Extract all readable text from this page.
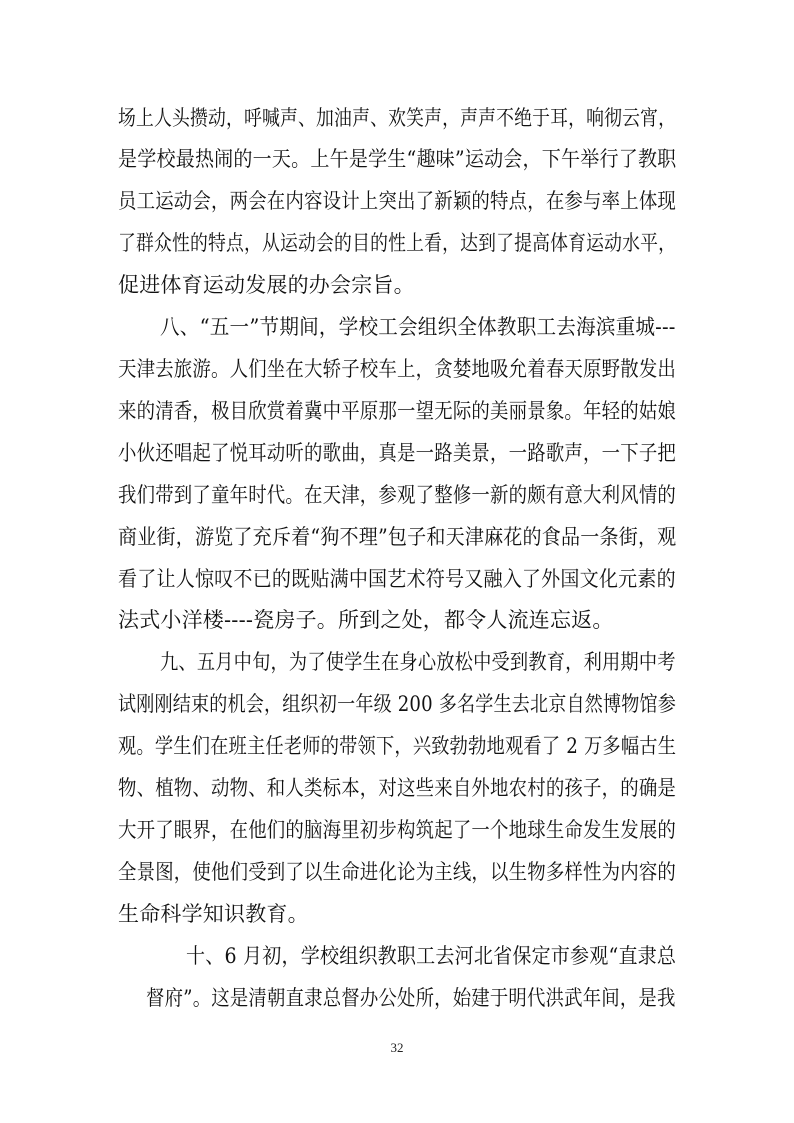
场上人头攒动，呼喊声、加油声、欢笑声，声声不绝于耳，响彻云宵，
是学校最热闹的一天。上午是学生“趣味”运动会，下午举行了教职
员工运动会，两会在内容设计上突出了新颖的特点，在参与率上体现
了群众性的特点，从运动会的目的性上看，达到了提高体育运动水平，
促进体育运动发展的办会宗旨。
八、“五一”节期间，学校工会组织全体教职工去海滨重城---
天津去旅游。人们坐在大轿子校车上，贪婪地吸允着春天原野散发出
来的清香，极目欣赏着冀中平原那一望无际的美丽景象。年轻的姑娘
小伙还唱起了悦耳动听的歌曲，真是一路美景，一路歌声，一下子把
我们带到了童年时代。在天津，参观了整修一新的颇有意大利风情的
商业街，游览了充斥着“狗不理”包子和天津麻花的食品一条街，观
看了让人惊叹不已的既贴满中国艺术符号又融入了外国文化元素的
法式小洋楼----瓷房子。所到之处，都令人流连忘返。
九、五月中旬，为了使学生在身心放松中受到教育，利用期中考
试刚刚结束的机会，组织初一年级 200 多名学生去北京自然博物馆参
观。学生们在班主任老师的带领下，兴致勃勃地观看了 2 万多幅古生
物、植物、动物、和人类标本，对这些来自外地农村的孩子，的确是
大开了眼界，在他们的脑海里初步构筑起了一个地球生命发生发展的
全景图，使他们受到了以生命进化论为主线，以生物多样性为内容的
生命科学知识教育。
十、6 月初，学校组织教职工去河北省保定市参观“直隶总
督府”。这是清朝直隶总督办公处所，始建于明代洪武年间，是我
32
